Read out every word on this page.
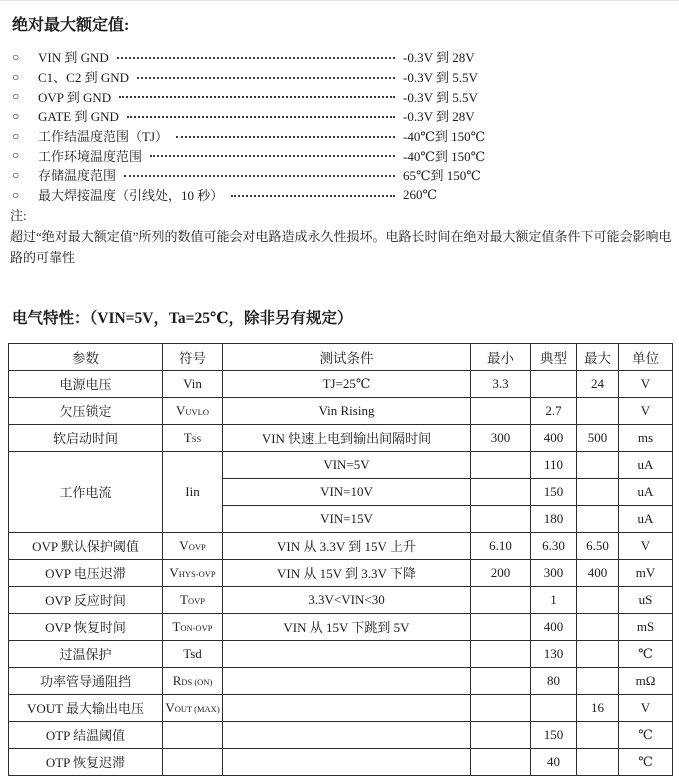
绝对最大额定值:
○	VIN 到 GND	-0.3V 到 28V
○	C1、C2 到 GND	-0.3V 到 5.5V
○	OVP 到 GND	-0.3V 到 5.5V
○	GATE 到 GND	-0.3V 到 28V
○	工作结温度范围（TJ）	-40℃到 150℃
○	工作环境温度范围	-40℃到 150℃
○	存储温度范围	65℃到 150℃
○	最大焊接温度（引线处，10 秒）	260℃
注:
超过“绝对最大额定值”所列的数值可能会对电路造成永久性损坏。电路长时间在绝对最大额定值条件下可能会影响电路的可靠性
电气特性：（VIN=5V，Ta=25℃，除非另有规定）
参数	符号	测试条件	最小	典型	最大	单位
电源电压	Vin	TJ=25℃	3.3		24	V
欠压锁定	VUVLO	Vin Rising		2.7		V
软启动时间	TSS	VIN 快速上电到输出间隔时间	300	400	500	ms
工作电流	Iin	VIN=5V		110		uA
		VIN=10V		150		uA
		VIN=15V		180		uA
OVP 默认保护阈值	VOVP	VIN 从 3.3V 到 15V 上升	6.10	6.30	6.50	V
OVP 电压迟滞	VHYS-OVP	VIN 从 15V 到 3.3V 下降	200	300	400	mV
OVP 反应时间	TOVP	3.3V<VIN<30		1		uS
OVP 恢复时间	TON-OVP	VIN 从 15V 下跳到 5V		400		mS
过温保护	Tsd			130		℃
功率管导通阻挡	RDS (ON)			80		mΩ
VOUT 最大输出电压	VOUT (MAX)				16	V
OTP 结温阈值				150		℃
OTP 恢复迟滞				40		℃
